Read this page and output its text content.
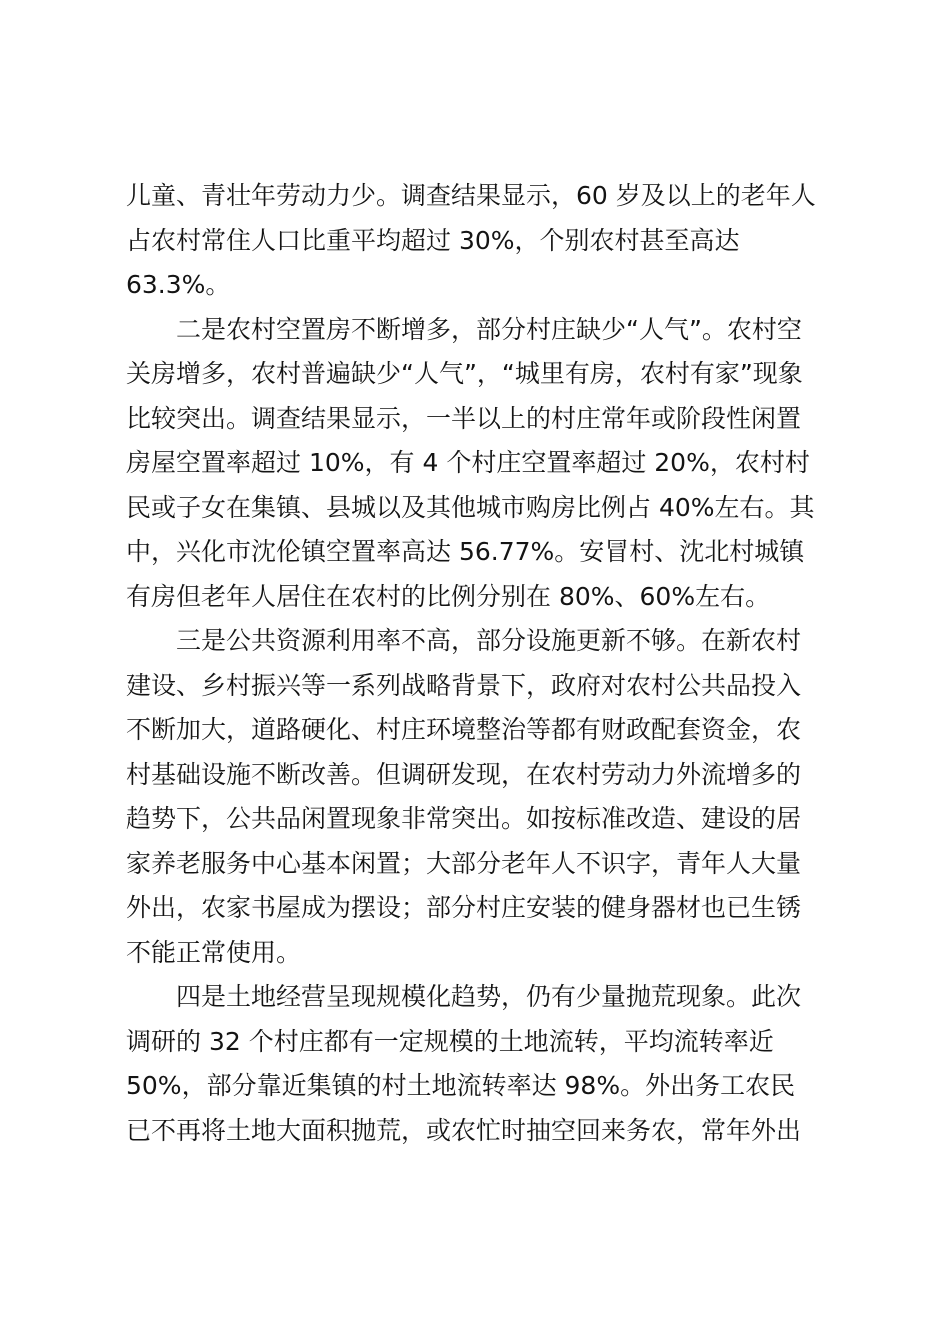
儿童、青壮年劳动力少。调查结果显示，60 岁及以上的老年人
占农村常住人口比重平均超过 30%，个别农村甚至高达
63.3%。

二是农村空置房不断增多，部分村庄缺少“人气”。农村空
关房增多，农村普遍缺少“人气”，“城里有房，农村有家”现象
比较突出。调查结果显示，一半以上的村庄常年或阶段性闲置
房屋空置率超过 10%，有 4 个村庄空置率超过 20%，农村村
民或子女在集镇、县城以及其他城市购房比例占 40%左右。其
中，兴化市沈伦镇空置率高达 56.77%。安冒村、沈北村城镇
有房但老年人居住在农村的比例分别在 80%、60%左右。

三是公共资源利用率不高，部分设施更新不够。在新农村
建设、乡村振兴等一系列战略背景下，政府对农村公共品投入
不断加大，道路硬化、村庄环境整治等都有财政配套资金，农
村基础设施不断改善。但调研发现，在农村劳动力外流增多的
趋势下，公共品闲置现象非常突出。如按标准改造、建设的居
家养老服务中心基本闲置；大部分老年人不识字，青年人大量
外出，农家书屋成为摆设；部分村庄安装的健身器材也已生锈
不能正常使用。

四是土地经营呈现规模化趋势，仍有少量抛荒现象。此次
调研的 32 个村庄都有一定规模的土地流转，平均流转率近
50%，部分靠近集镇的村土地流转率达 98%。外出务工农民
已不再将土地大面积抛荒，或农忙时抽空回来务农，常年外出
